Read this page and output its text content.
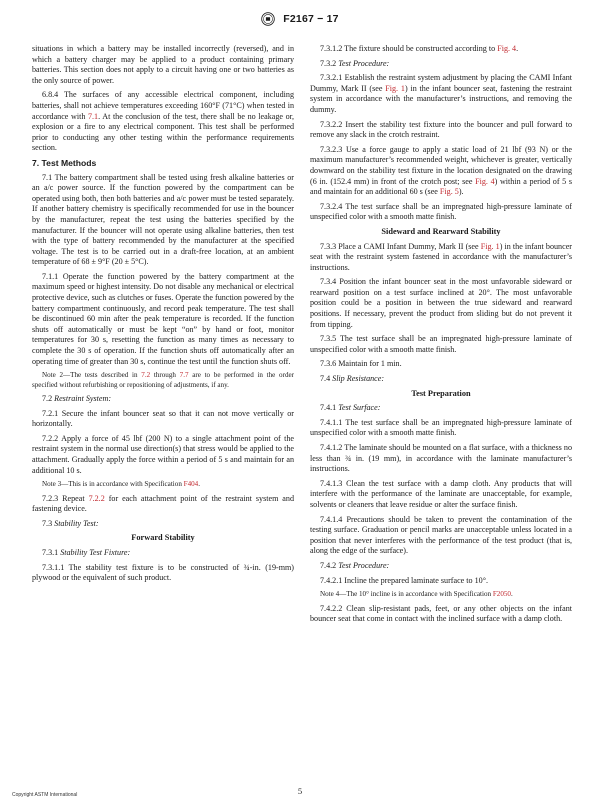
F2167 − 17

situations in which a battery may be installed incorrectly (reversed), and in which a battery charger may be applied to a product containing primary batteries. This section does not apply to a circuit having one or two batteries as the only source of power.

6.8.4 The surfaces of any accessible electrical component, including batteries, shall not achieve temperatures exceeding 160°F (71°C) when tested in accordance with 7.1. At the conclusion of the test, there shall be no leakage or, explosion or a fire to any electrical component. This test shall be performed prior to conducting any other testing within the performance requirements section.

7. Test Methods

7.1 The battery compartment shall be tested using fresh alkaline batteries or an a/c power source. If the function powered by the compartment can be operated using both, then both batteries and a/c power must be tested separately. If another battery chemistry is specifically recommended for use in the bouncer by the manufacturer, repeat the test using the batteries specified by the manufacturer. If the bouncer will not operate using alkaline batteries, then test with the type of battery recommended by the manufacturer at the specified voltage. The test is to be carried out in a draft-free location, at an ambient temperature of 68 ± 9°F (20 ± 5°C).

7.1.1 Operate the function powered by the battery compartment at the maximum speed or highest intensity. Do not disable any mechanical or electrical protective device, such as clutches or fuses. Operate the function powered by the battery compartment continuously, and record peak temperature. The test shall be discontinued 60 min after the peak temperature is recorded. If the function shuts off automatically or must be kept “on” by hand or foot, monitor temperatures for 30 s, resetting the function as many times as necessary to complete the 30 s of operation. If the function shuts off automatically after an operating time of greater than 30 s, continue the test until the function shuts off.

Note 2—The tests described in 7.2 through 7.7 are to be performed in the order specified without refurbishing or repositioning of adjustments, if any.

7.2 Restraint System:

7.2.1 Secure the infant bouncer seat so that it can not move vertically or horizontally.

7.2.2 Apply a force of 45 lbf (200 N) to a single attachment point of the restraint system in the normal use direction(s) that stress would be applied to the attachment. Gradually apply the force within a period of 5 s and maintain for an additional 10 s.

Note 3—This is in accordance with Specification F404.

7.2.3 Repeat 7.2.2 for each attachment point of the restraint system and fastening device.

7.3 Stability Test:

Forward Stability

7.3.1 Stability Test Fixture:

7.3.1.1 The stability test fixture is to be constructed of ¾-in. (19-mm) plywood or the equivalent of such product.

7.3.1.2 The fixture should be constructed according to Fig. 4.

7.3.2 Test Procedure:

7.3.2.1 Establish the restraint system adjustment by placing the CAMI Infant Dummy, Mark II (see Fig. 1) in the infant bouncer seat, fastening the restraint system in accordance with the manufacturer’s instructions, and removing the dummy.

7.3.2.2 Insert the stability test fixture into the bouncer and pull forward to remove any slack in the crotch restraint.

7.3.2.3 Use a force gauge to apply a static load of 21 lbf (93 N) or the maximum manufacturer’s recommended weight, whichever is greater, vertically downward on the stability test fixture in the location designated on the drawing (6 in. (152.4 mm) in front of the crotch post; see Fig. 4) within a period of 5 s and maintain for an additional 60 s (see Fig. 5).

7.3.2.4 The test surface shall be an impregnated high-pressure laminate of unspecified color with a smooth matte finish.

Sideward and Rearward Stability

7.3.3 Place a CAMI Infant Dummy, Mark II (see Fig. 1) in the infant bouncer seat with the restraint system fastened in accordance with the manufacturer’s instructions.

7.3.4 Position the infant bouncer seat in the most unfavorable sideward or rearward position on a test surface inclined at 20°. The most unfavorable position could be a position in between the true sideward and rearward positions. If necessary, prevent the product from sliding but do not prevent it from tipping.

7.3.5 The test surface shall be an impregnated high-pressure laminate of unspecified color with a smooth matte finish.

7.3.6 Maintain for 1 min.

7.4 Slip Resistance:

Test Preparation

7.4.1 Test Surface:

7.4.1.1 The test surface shall be an impregnated high-pressure laminate of unspecified color with a smooth matte finish.

7.4.1.2 The laminate should be mounted on a flat surface, with a thickness no less than ¾ in. (19 mm), in accordance with the laminate manufacturer’s instructions.

7.4.1.3 Clean the test surface with a damp cloth. Any products that will interfere with the performance of the laminate are unacceptable, for example, solvents or cleaners that leave residue or alter the surface finish.

7.4.1.4 Precautions should be taken to prevent the contamination of the testing surface. Graduation or pencil marks are unacceptable unless located in a position that never interferes with the performance of the test product (that is, along the edge of the surface).

7.4.2 Test Procedure:

7.4.2.1 Incline the prepared laminate surface to 10°.

Note 4—The 10° incline is in accordance with Specification F2050.

7.4.2.2 Clean slip-resistant pads, feet, or any other objects on the infant bouncer seat that come in contact with the inclined surface with a damp cloth.

Copyright ASTM International	5
